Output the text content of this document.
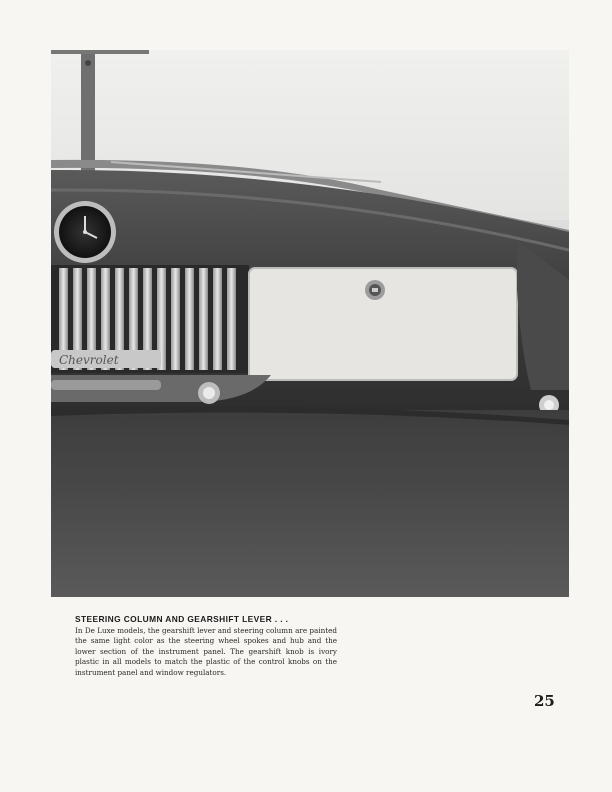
Chevrolet

STEERING COLUMN AND GEARSHIFT LEVER . . .

In De Luxe models, the gearshift lever and steering column are painted the same light color as the steering wheel spokes and hub and the lower section of the instrument panel. The gearshift knob is ivory plastic in all models to match the plastic of the control knobs on the instrument panel and window regulators.

25
